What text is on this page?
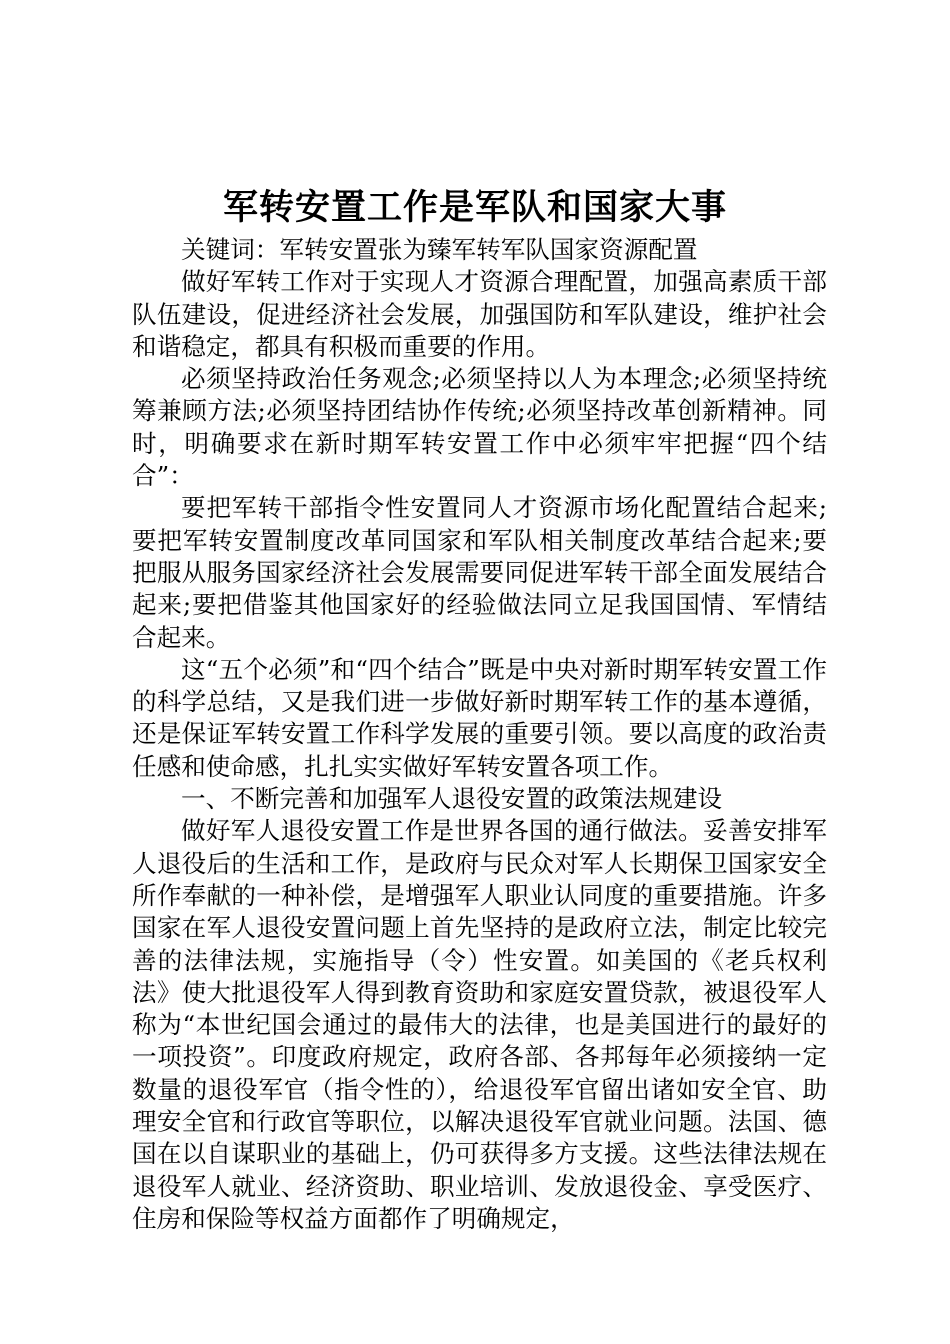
军转安置工作是军队和国家大事

关键词：军转安置张为臻军转军队国家资源配置

做好军转工作对于实现人才资源合理配置，加强高素质干部队伍建设，促进经济社会发展，加强国防和军队建设，维护社会和谐稳定，都具有积极而重要的作用。

必须坚持政治任务观念;必须坚持以人为本理念;必须坚持统筹兼顾方法;必须坚持团结协作传统;必须坚持改革创新精神。同时，明确要求在新时期军转安置工作中必须牢牢把握“四个结合”：

要把军转干部指令性安置同人才资源市场化配置结合起来;要把军转安置制度改革同国家和军队相关制度改革结合起来;要把服从服务国家经济社会发展需要同促进军转干部全面发展结合起来;要把借鉴其他国家好的经验做法同立足我国国情、军情结合起来。

这“五个必须”和“四个结合”既是中央对新时期军转安置工作的科学总结，又是我们进一步做好新时期军转工作的基本遵循，还是保证军转安置工作科学发展的重要引领。要以高度的政治责任感和使命感，扎扎实实做好军转安置各项工作。

一、不断完善和加强军人退役安置的政策法规建设

做好军人退役安置工作是世界各国的通行做法。妥善安排军人退役后的生活和工作，是政府与民众对军人长期保卫国家安全所作奉献的一种补偿，是增强军人职业认同度的重要措施。许多国家在军人退役安置问题上首先坚持的是政府立法，制定比较完善的法律法规，实施指导（令）性安置。如美国的《老兵权利法》使大批退役军人得到教育资助和家庭安置贷款，被退役军人称为“本世纪国会通过的最伟大的法律，也是美国进行的最好的一项投资”。印度政府规定，政府各部、各邦每年必须接纳一定数量的退役军官（指令性的），给退役军官留出诸如安全官、助理安全官和行政官等职位，以解决退役军官就业问题。法国、德国在以自谋职业的基础上，仍可获得多方支援。这些法律法规在退役军人就业、经济资助、职业培训、发放退役金、享受医疗、住房和保险等权益方面都作了明确规定，
